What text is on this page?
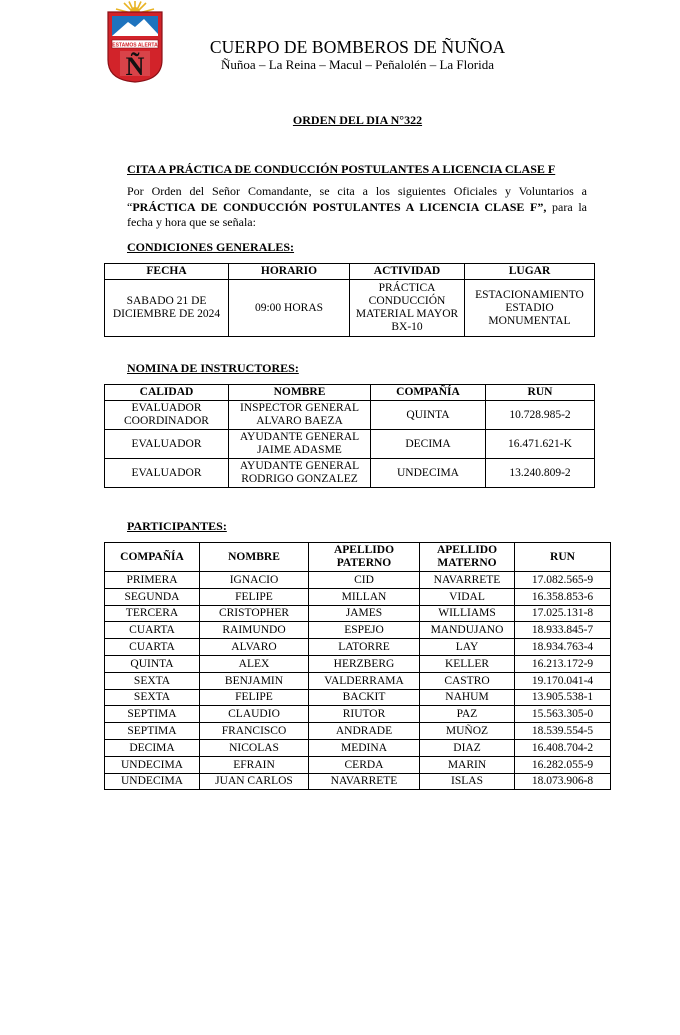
ESTAMOS ALERTA
Ñ
CUERPO DE BOMBEROS DE ÑUÑOA
Ñuñoa – La Reina – Macul – Peñalolén – La Florida
ORDEN DEL DIA N°322
CITA A PRÁCTICA DE CONDUCCIÓN POSTULANTES A LICENCIA CLASE F
Por Orden del Señor Comandante, se cita a los siguientes Oficiales y Voluntarios a “PRÁCTICA DE CONDUCCIÓN POSTULANTES A LICENCIA CLASE F”, para la fecha y hora que se señala:
CONDICIONES GENERALES:
FECHA	HORARIO	ACTIVIDAD	LUGAR
SABADO 21 DE DICIEMBRE DE 2024	09:00 HORAS	PRÁCTICA CONDUCCIÓN MATERIAL MAYOR BX-10	ESTACIONAMIENTO ESTADIO MONUMENTAL
NOMINA DE INSTRUCTORES:
CALIDAD	NOMBRE	COMPAÑÍA	RUN
EVALUADOR COORDINADOR	INSPECTOR GENERAL ALVARO BAEZA	QUINTA	10.728.985-2
EVALUADOR	AYUDANTE GENERAL JAIME ADASME	DECIMA	16.471.621-K
EVALUADOR	AYUDANTE GENERAL RODRIGO GONZALEZ	UNDECIMA	13.240.809-2
PARTICIPANTES:
COMPAÑÍA	NOMBRE	APELLIDO PATERNO	APELLIDO MATERNO	RUN
PRIMERA	IGNACIO	CID	NAVARRETE	17.082.565-9
SEGUNDA	FELIPE	MILLAN	VIDAL	16.358.853-6
TERCERA	CRISTOPHER	JAMES	WILLIAMS	17.025.131-8
CUARTA	RAIMUNDO	ESPEJO	MANDUJANO	18.933.845-7
CUARTA	ALVARO	LATORRE	LAY	18.934.763-4
QUINTA	ALEX	HERZBERG	KELLER	16.213.172-9
SEXTA	BENJAMIN	VALDERRAMA	CASTRO	19.170.041-4
SEXTA	FELIPE	BACKIT	NAHUM	13.905.538-1
SEPTIMA	CLAUDIO	RIUTOR	PAZ	15.563.305-0
SEPTIMA	FRANCISCO	ANDRADE	MUÑOZ	18.539.554-5
DECIMA	NICOLAS	MEDINA	DIAZ	16.408.704-2
UNDECIMA	EFRAIN	CERDA	MARIN	16.282.055-9
UNDECIMA	JUAN CARLOS	NAVARRETE	ISLAS	18.073.906-8
